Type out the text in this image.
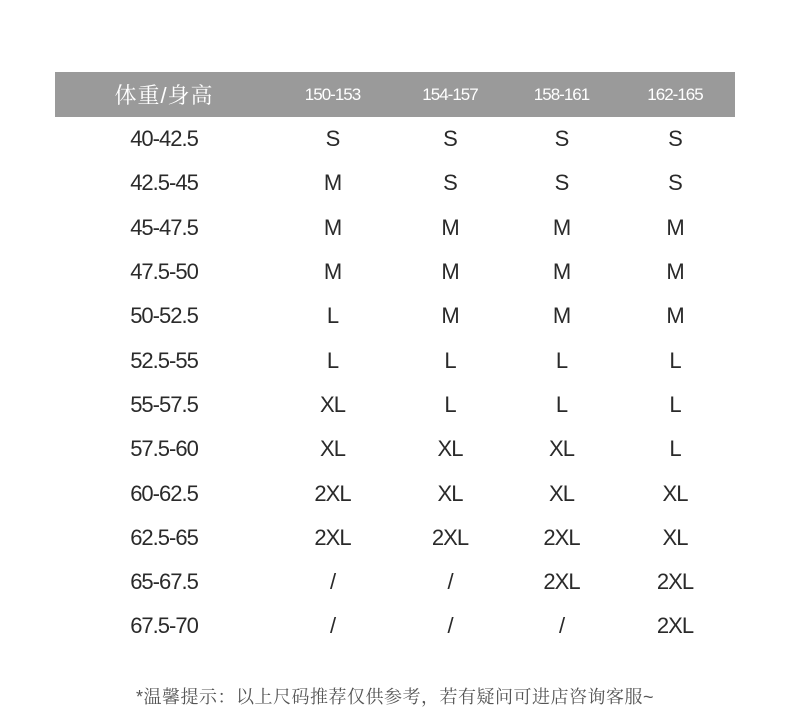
体重/身高	150-153	154-157	158-161	162-165
40-42.5	S	S	S	S
42.5-45	M	S	S	S
45-47.5	M	M	M	M
47.5-50	M	M	M	M
50-52.5	L	M	M	M
52.5-55	L	L	L	L
55-57.5	XL	L	L	L
57.5-60	XL	XL	XL	L
60-62.5	2XL	XL	XL	XL
62.5-65	2XL	2XL	2XL	XL
65-67.5	/	/	2XL	2XL
67.5-70	/	/	/	2XL
*温馨提示：以上尺码推荐仅供参考，若有疑问可进店咨询客服~
